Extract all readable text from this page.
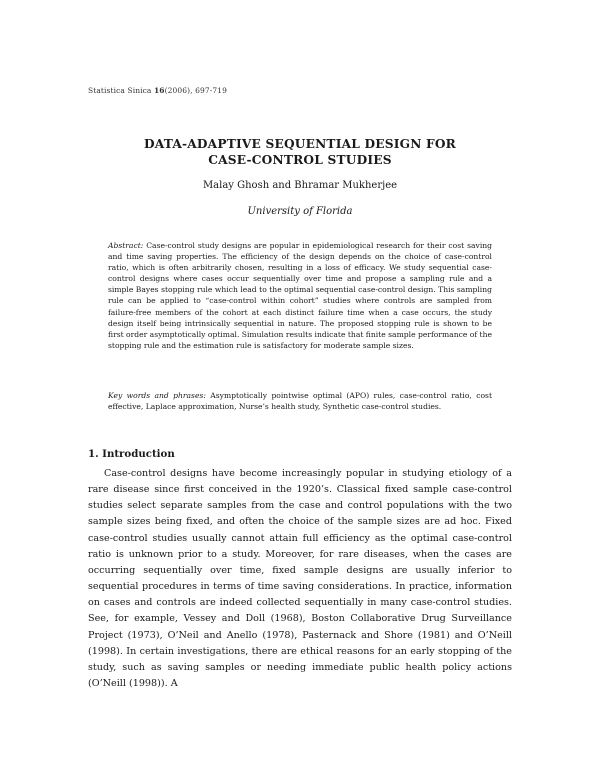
Statistica Sinica 16(2006), 697-719
DATA-ADAPTIVE SEQUENTIAL DESIGN FOR
CASE-CONTROL STUDIES
Malay Ghosh and Bhramar Mukherjee
University of Florida
Abstract: Case-control study designs are popular in epidemiological research for their cost saving and time saving properties. The efficiency of the design depends on the choice of case-control ratio, which is often arbitrarily chosen, resulting in a loss of efficacy. We study sequential case-control designs where cases occur sequentially over time and propose a sampling rule and a simple Bayes stopping rule which lead to the optimal sequential case-control design. This sampling rule can be applied to “case-control within cohort” studies where controls are sampled from failure-free members of the cohort at each distinct failure time when a case occurs, the study design itself being intrinsically sequential in nature. The proposed stopping rule is shown to be first order asymptotically optimal. Simulation results indicate that finite sample performance of the stopping rule and the estimation rule is satisfactory for moderate sample sizes.
Key words and phrases: Asymptotically pointwise optimal (APO) rules, case-control ratio, cost effective, Laplace approximation, Nurse’s health study, Synthetic case-control studies.
1. Introduction
Case-control designs have become increasingly popular in studying etiology of a rare disease since first conceived in the 1920’s. Classical fixed sample case-control studies select separate samples from the case and control populations with the two sample sizes being fixed, and often the choice of the sample sizes are ad hoc. Fixed case-control studies usually cannot attain full efficiency as the optimal case-control ratio is unknown prior to a study. Moreover, for rare diseases, when the cases are occurring sequentially over time, fixed sample designs are usually inferior to sequential procedures in terms of time saving considerations. In practice, information on cases and controls are indeed collected sequentially in many case-control studies. See, for example, Vessey and Doll (1968), Boston Collaborative Drug Surveillance Project (1973), O’Neil and Anello (1978), Pasternack and Shore (1981) and O’Neill (1998). In certain investigations, there are ethical reasons for an early stopping of the study, such as saving samples or needing immediate public health policy actions (O’Neill (1998)). A
